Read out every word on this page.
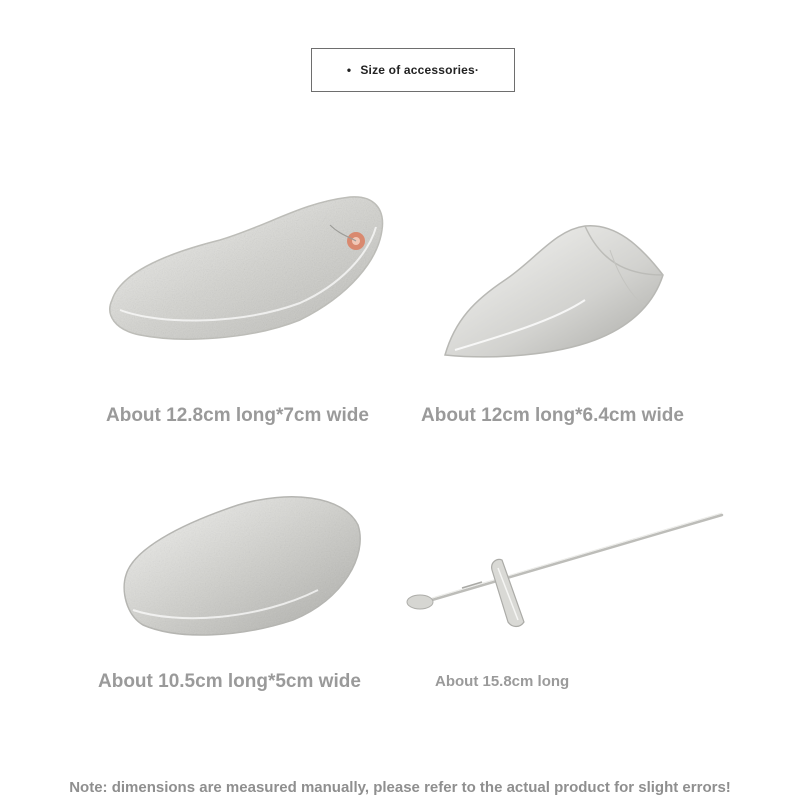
• Size of accessories·
About 12.8cm long*7cm wide	About 12cm long*6.4cm wide
About 10.5cm long*5cm wide	About 15.8cm long
Note: dimensions are measured manually, please refer to the actual product for slight errors!
